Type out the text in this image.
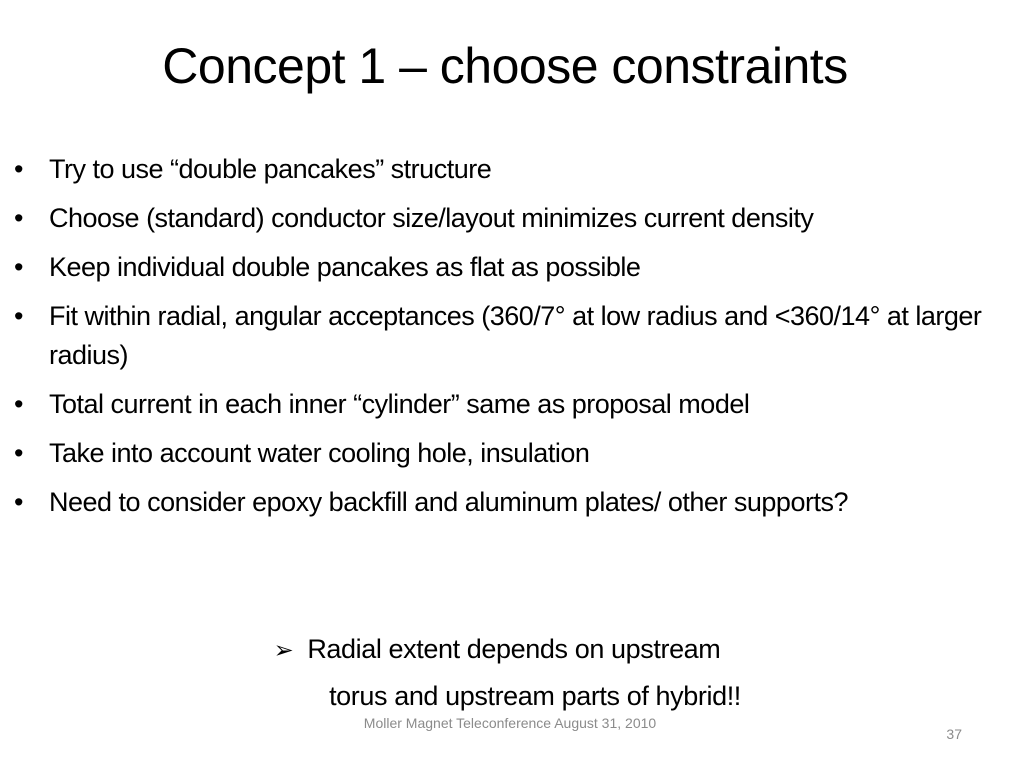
Concept 1 – choose constraints
• Try to use “double pancakes” structure
• Choose (standard) conductor size/layout minimizes current density
• Keep individual double pancakes as flat as possible
• Fit within radial, angular acceptances (360/7° at low radius and <360/14° at larger radius)
• Total current in each inner “cylinder” same as proposal model
• Take into account water cooling hole, insulation
• Need to consider epoxy backfill and aluminum plates/ other supports?
➢ Radial extent depends on upstream
torus and upstream parts of hybrid!!
Moller Magnet Teleconference August 31, 2010
37
